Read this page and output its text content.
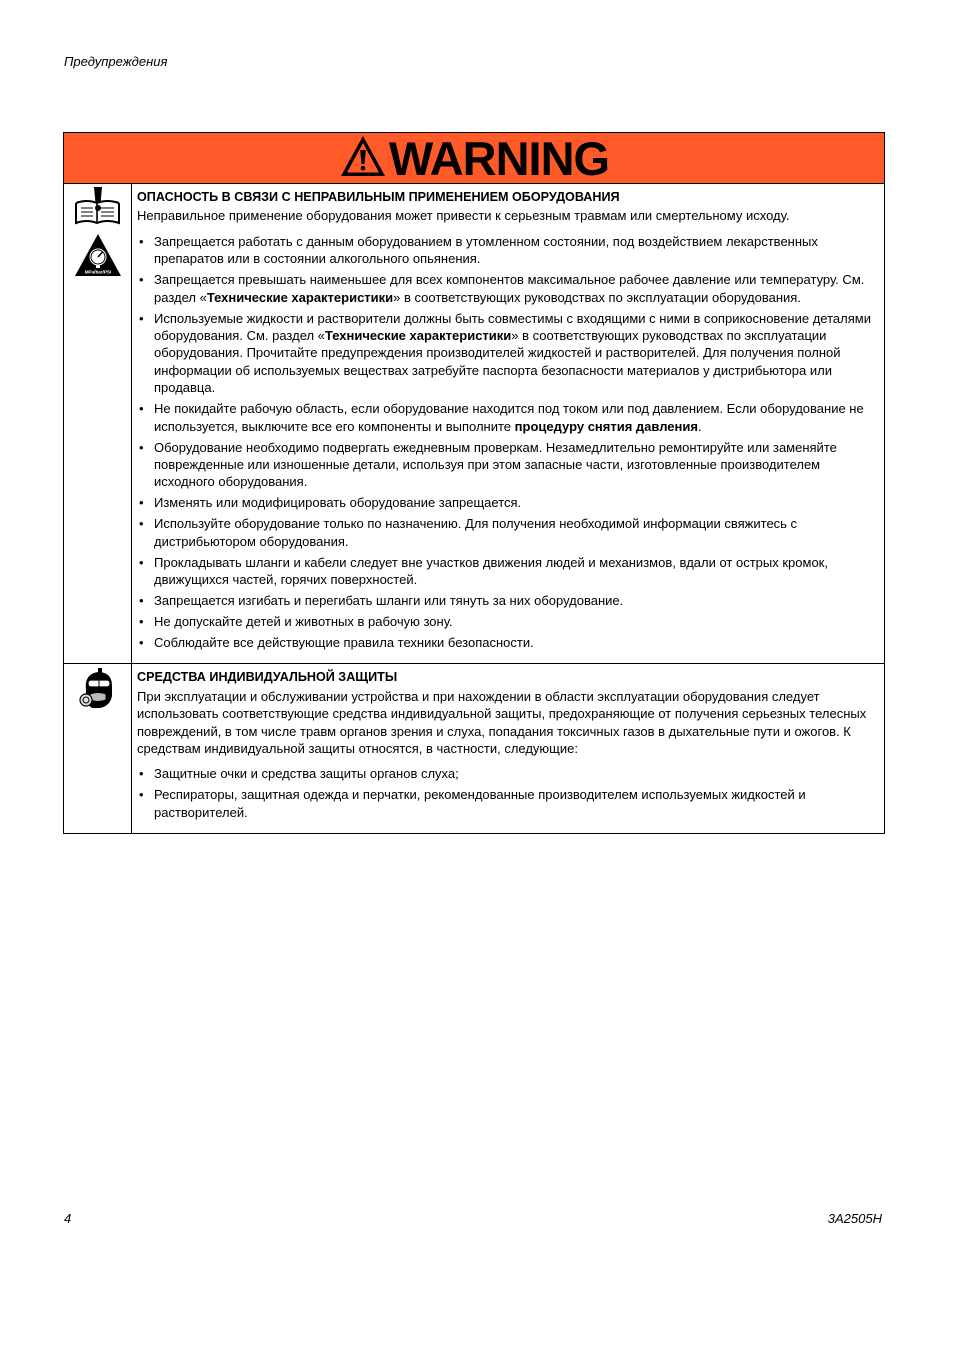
Предупреждения
WARNING
MPa/bar/PSI
ОПАСНОСТЬ В СВЯЗИ С НЕПРАВИЛЬНЫМ ПРИМЕНЕНИЕМ ОБОРУДОВАНИЯ
Неправильное применение оборудования может привести к серьезным травмам или смертельному исходу.
• Запрещается работать с данным оборудованием в утомленном состоянии, под воздействием лекарственных препаратов или в состоянии алкогольного опьянения.
• Запрещается превышать наименьшее для всех компонентов максимальное рабочее давление или температуру. См. раздел «Технические характеристики» в соответствующих руководствах по эксплуатации оборудования.
• Используемые жидкости и растворители должны быть совместимы с входящими с ними в соприкосновение деталями оборудования. См. раздел «Технические характеристики» в соответствующих руководствах по эксплуатации оборудования. Прочитайте предупреждения производителей жидкостей и растворителей. Для получения полной информации об используемых веществах затребуйте паспорта безопасности материалов у дистрибьютора или продавца.
• Не покидайте рабочую область, если оборудование находится под током или под давлением. Если оборудование не используется, выключите все его компоненты и выполните процедуру снятия давления.
• Оборудование необходимо подвергать ежедневным проверкам. Незамедлительно ремонтируйте или заменяйте поврежденные или изношенные детали, используя при этом запасные части, изготовленные производителем исходного оборудования.
• Изменять или модифицировать оборудование запрещается.
• Используйте оборудование только по назначению. Для получения необходимой информации свяжитесь с дистрибьютором оборудования.
• Прокладывать шланги и кабели следует вне участков движения людей и механизмов, вдали от острых кромок, движущихся частей, горячих поверхностей.
• Запрещается изгибать и перегибать шланги или тянуть за них оборудование.
• Не допускайте детей и животных в рабочую зону.
• Соблюдайте все действующие правила техники безопасности.
СРЕДСТВА ИНДИВИДУАЛЬНОЙ ЗАЩИТЫ
При эксплуатации и обслуживании устройства и при нахождении в области эксплуатации оборудования следует использовать соответствующие средства индивидуальной защиты, предохраняющие от получения серьезных телесных повреждений, в том числе травм органов зрения и слуха, попадания токсичных газов в дыхательные пути и ожогов. К средствам индивидуальной защиты относятся, в частности, следующие:
• Защитные очки и средства защиты органов слуха;
• Респираторы, защитная одежда и перчатки, рекомендованные производителем используемых жидкостей и растворителей.
4	3A2505H
